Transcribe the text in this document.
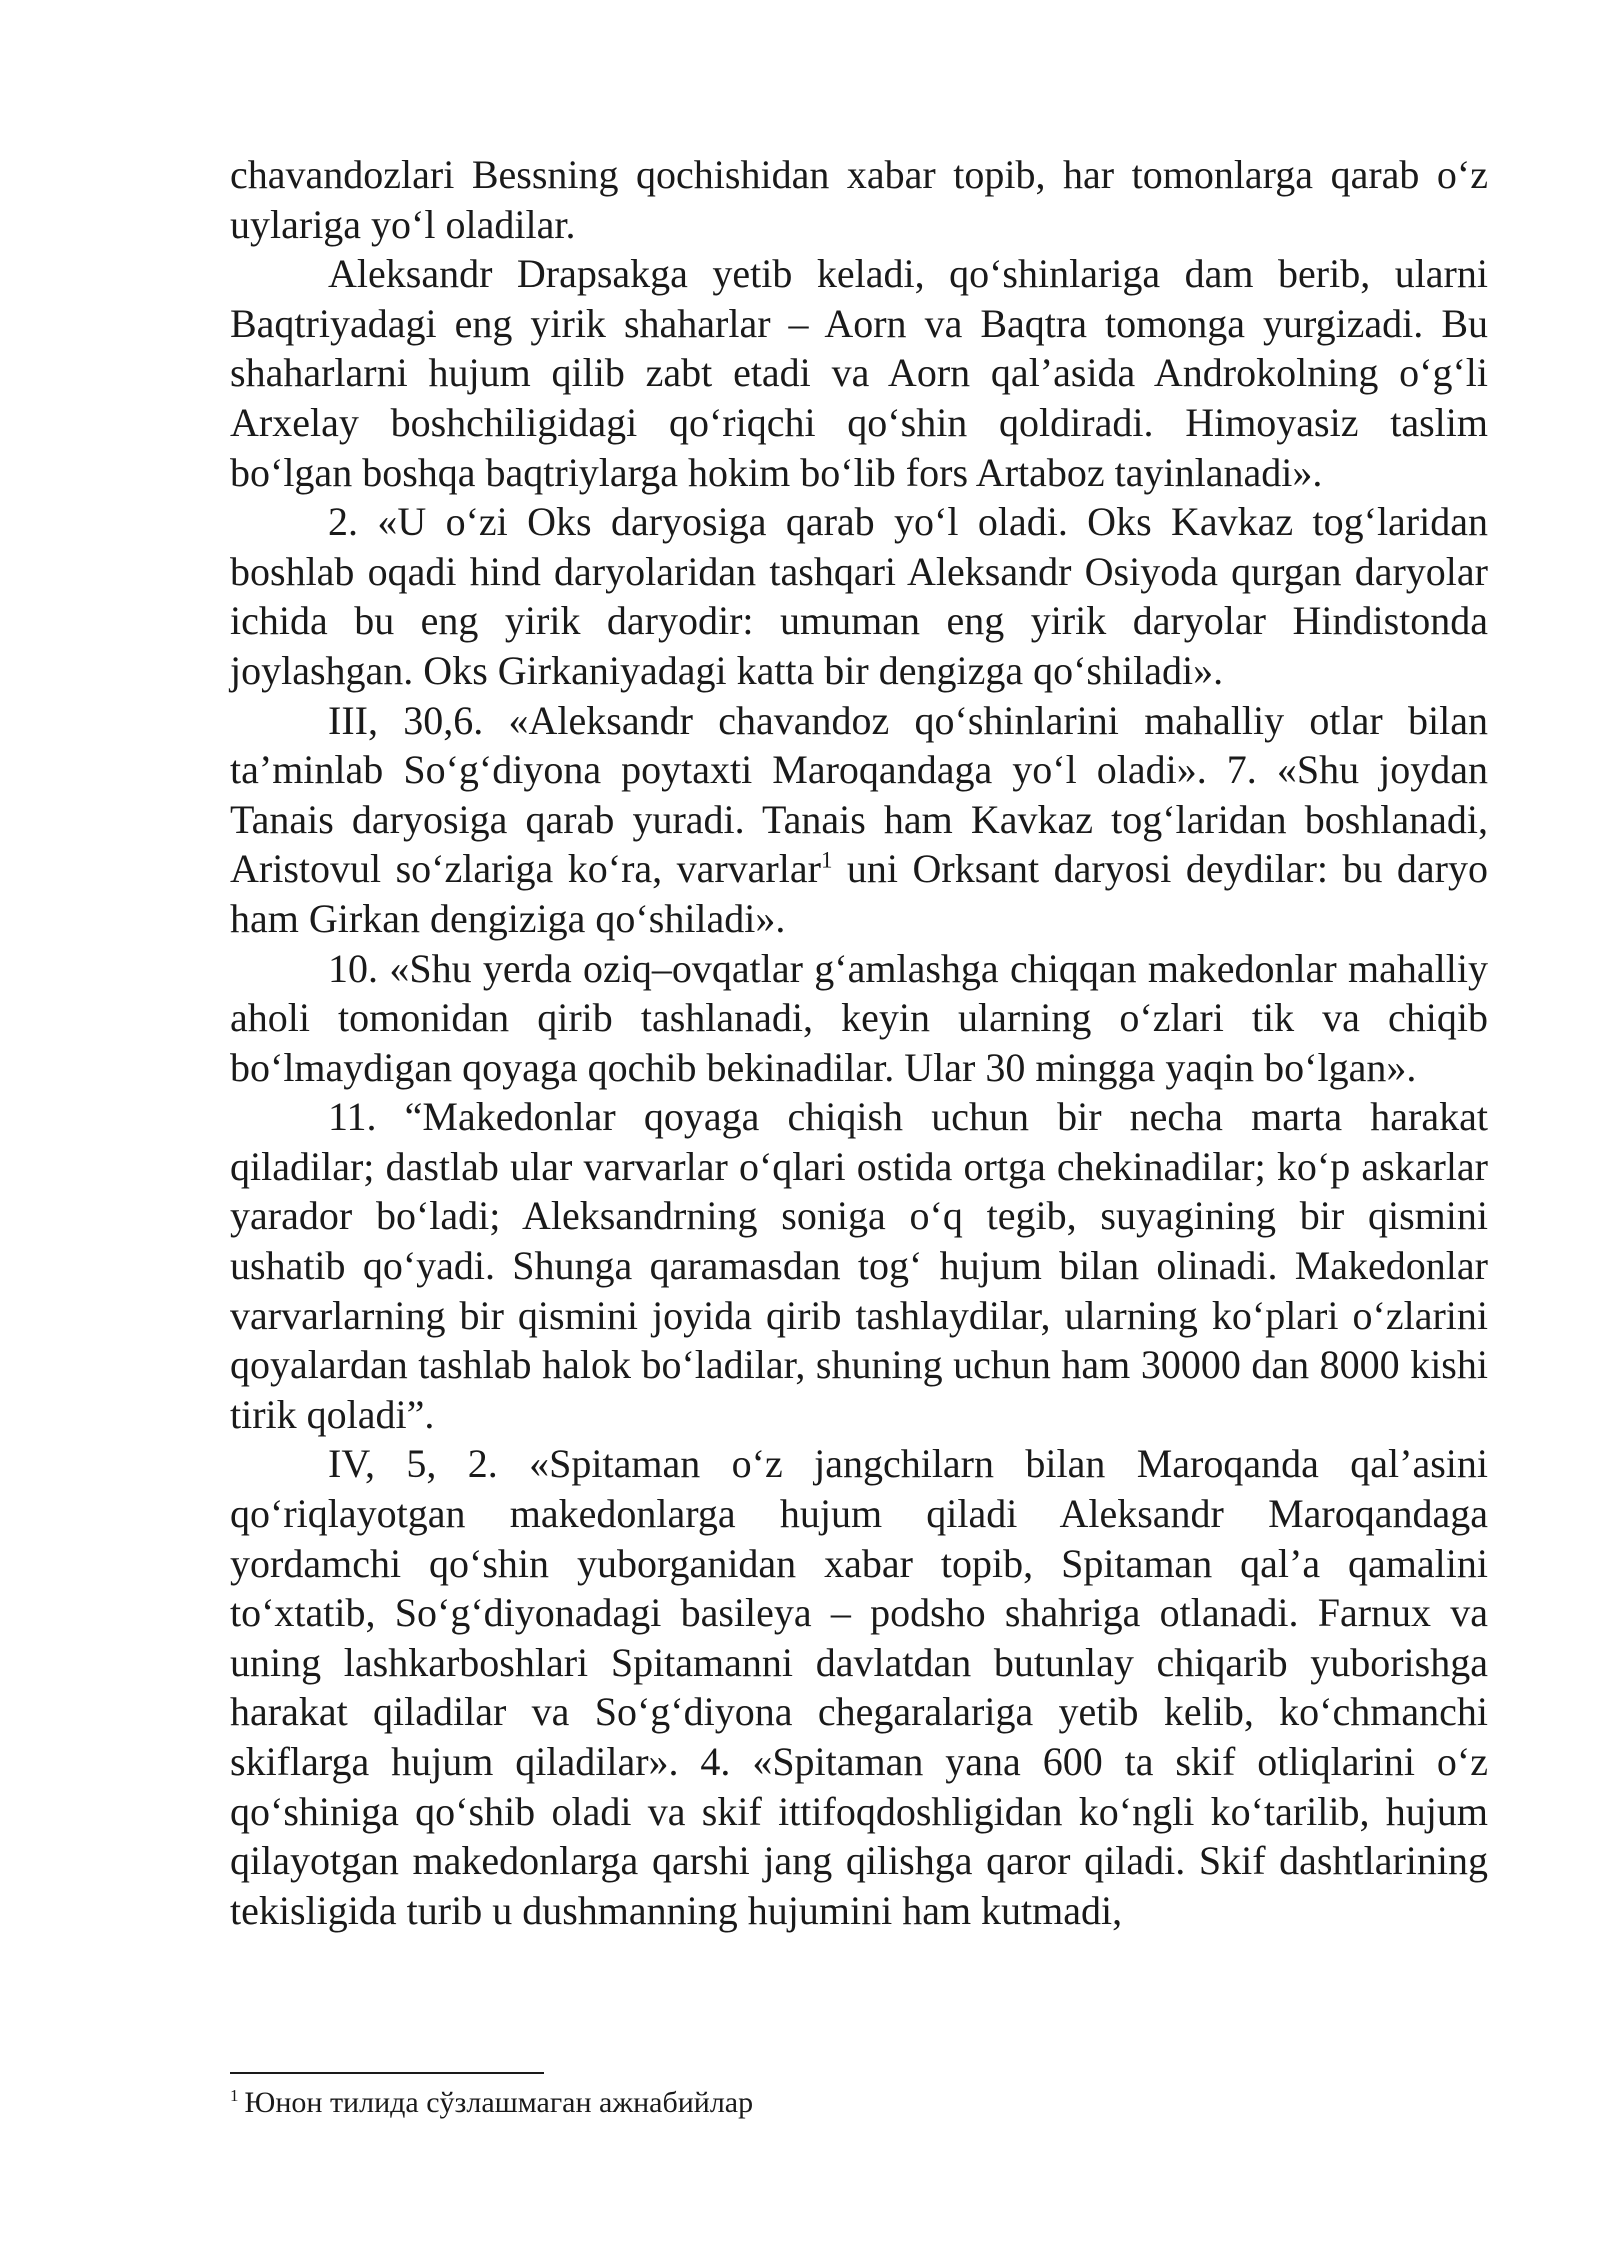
chavandozlari Bessning qochishidan xabar topib, har tomonlarga qarab o‘z uylariga yo‘l oladilar.

Aleksandr Drapsakga yetib keladi, qo‘shinlariga dam berib, ularni Baqtriyadagi eng yirik shaharlar – Aorn va Baqtra tomonga yurgizadi. Bu shaharlarni hujum qilib zabt etadi va Aorn qal’asida Androkolning o‘g‘li Arxelay boshchiligidagi qo‘riqchi qo‘shin qoldiradi. Himoyasiz taslim bo‘lgan boshqa baqtriylarga hokim bo‘lib fors Artaboz tayinlanadi».

2. «U o‘zi Oks daryosiga qarab yo‘l oladi. Oks Kavkaz tog‘laridan boshlab oqadi hind daryolaridan tashqari Aleksandr Osiyoda qurgan daryolar ichida bu eng yirik daryodir: umuman eng yirik daryolar Hindistonda joylashgan. Oks Girkaniyadagi katta bir dengizga qo‘shiladi».

III, 30,6. «Aleksandr chavandoz qo‘shinlarini mahalliy otlar bilan ta’minlab So‘g‘diyona poytaxti Maroqandaga yo‘l oladi». 7. «Shu joydan Tanais daryosiga qarab yuradi. Tanais ham Kavkaz tog‘laridan boshlanadi, Aristovul so‘zlariga ko‘ra, varvarlar$^1$ uni Orksant daryosi deydilar: bu daryo ham Girkan dengiziga qo‘shiladi».

10. «Shu yerda oziq–ovqatlar g‘amlashga chiqqan makedonlar mahalliy aholi tomonidan qirib tashlanadi, keyin ularning o‘zlari tik va chiqib bo‘lmaydigan qoyaga qochib bekinadilar. Ular 30 mingga yaqin bo‘lgan».

11. “Makedonlar qoyaga chiqish uchun bir necha marta harakat qiladilar; dastlab ular varvarlar o‘qlari ostida ortga chekinadilar; ko‘p askarlar yarador bo‘ladi; Aleksandrning soniga o‘q tegib, suyagining bir qismini ushatib qo‘yadi. Shunga qaramasdan tog‘ hujum bilan olinadi. Makedonlar varvarlarning bir qismini joyida qirib tashlaydilar, ularning ko‘plari o‘zlarini qoyalardan tashlab halok bo‘ladilar, shuning uchun ham 30000 dan 8000 kishi tirik qoladi”.

IV, 5, 2. «Spitaman o‘z jangchilarn bilan Maroqanda qal’asini qo‘riqlayotgan makedonlarga hujum qiladi Aleksandr Maroqandaga yordamchi qo‘shin yuborganidan xabar topib, Spitaman qal’a qamalini to‘xtatib, So‘g‘diyonadagi basileya – podsho shahriga otlanadi. Farnux va uning lashkarboshlari Spitamanni davlatdan butunlay chiqarib yuborishga harakat qiladilar va So‘g‘diyona chegaralariga yetib kelib, ko‘chmanchi skiflarga hujum qiladilar». 4. «Spitaman yana 600 ta skif otliqlarini o‘z qo‘shiniga qo‘shib oladi va skif ittifoqdoshligidan ko‘ngli ko‘tarilib, hujum qilayotgan makedonlarga qarshi jang qilishga qaror qiladi. Skif dashtlarining tekisligida turib u dushmanning hujumini ham kutmadi,

$^1$ Юнон тилида сўзлашмаган ажнабийлар
